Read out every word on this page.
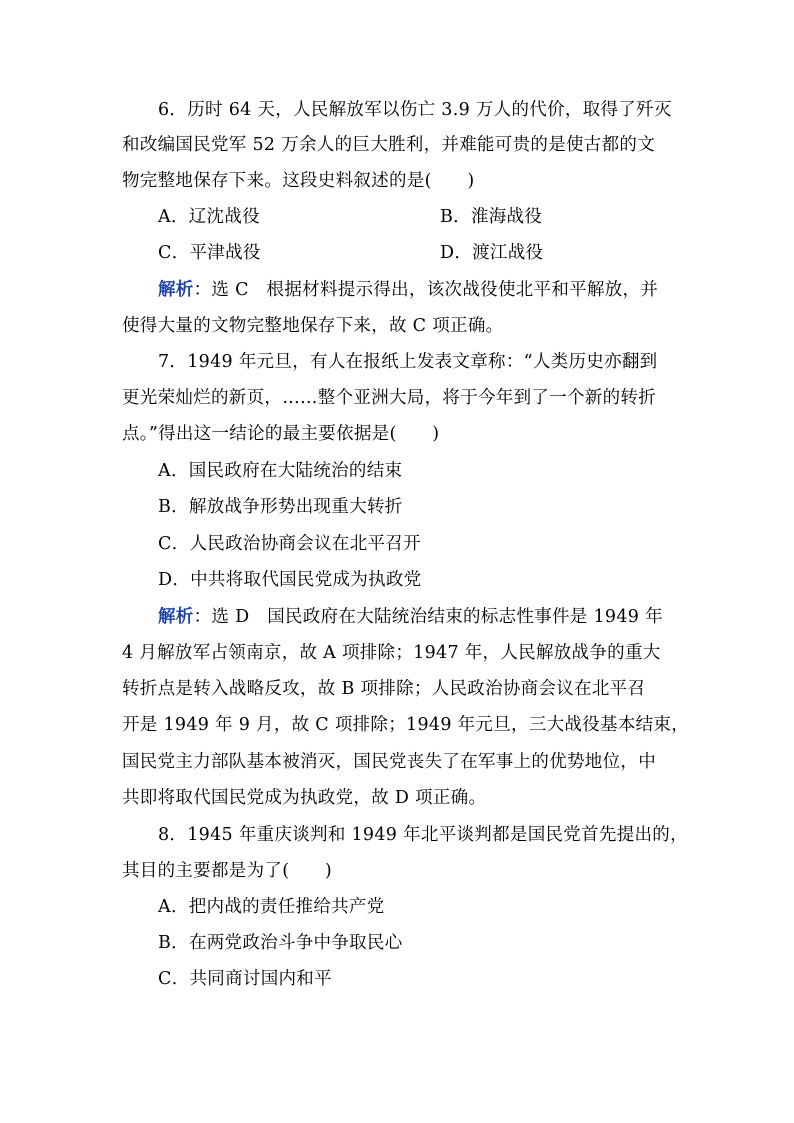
6．历时 64 天，人民解放军以伤亡 3.9 万人的代价，取得了歼灭
和改编国民党军 52 万余人的巨大胜利，并难能可贵的是使古都的文
物完整地保存下来。这段史料叙述的是(　　)
A．辽沈战役	B．淮海战役
C．平津战役	D．渡江战役
解析：选 C　根据材料提示得出，该次战役使北平和平解放，并
使得大量的文物完整地保存下来，故 C 项正确。
7．1949 年元旦，有人在报纸上发表文章称：“人类历史亦翻到
更光荣灿烂的新页，……整个亚洲大局，将于今年到了一个新的转折
点。”得出这一结论的最主要依据是(　　)
A．国民政府在大陆统治的结束
B．解放战争形势出现重大转折
C．人民政治协商会议在北平召开
D．中共将取代国民党成为执政党
解析：选 D　国民政府在大陆统治结束的标志性事件是 1949 年
4 月解放军占领南京，故 A 项排除；1947 年，人民解放战争的重大
转折点是转入战略反攻，故 B 项排除；人民政治协商会议在北平召
开是 1949 年 9 月，故 C 项排除；1949 年元旦，三大战役基本结束，
国民党主力部队基本被消灭，国民党丧失了在军事上的优势地位，中
共即将取代国民党成为执政党，故 D 项正确。
8．1945 年重庆谈判和 1949 年北平谈判都是国民党首先提出的，
其目的主要都是为了(　　)
A．把内战的责任推给共产党
B．在两党政治斗争中争取民心
C．共同商讨国内和平
